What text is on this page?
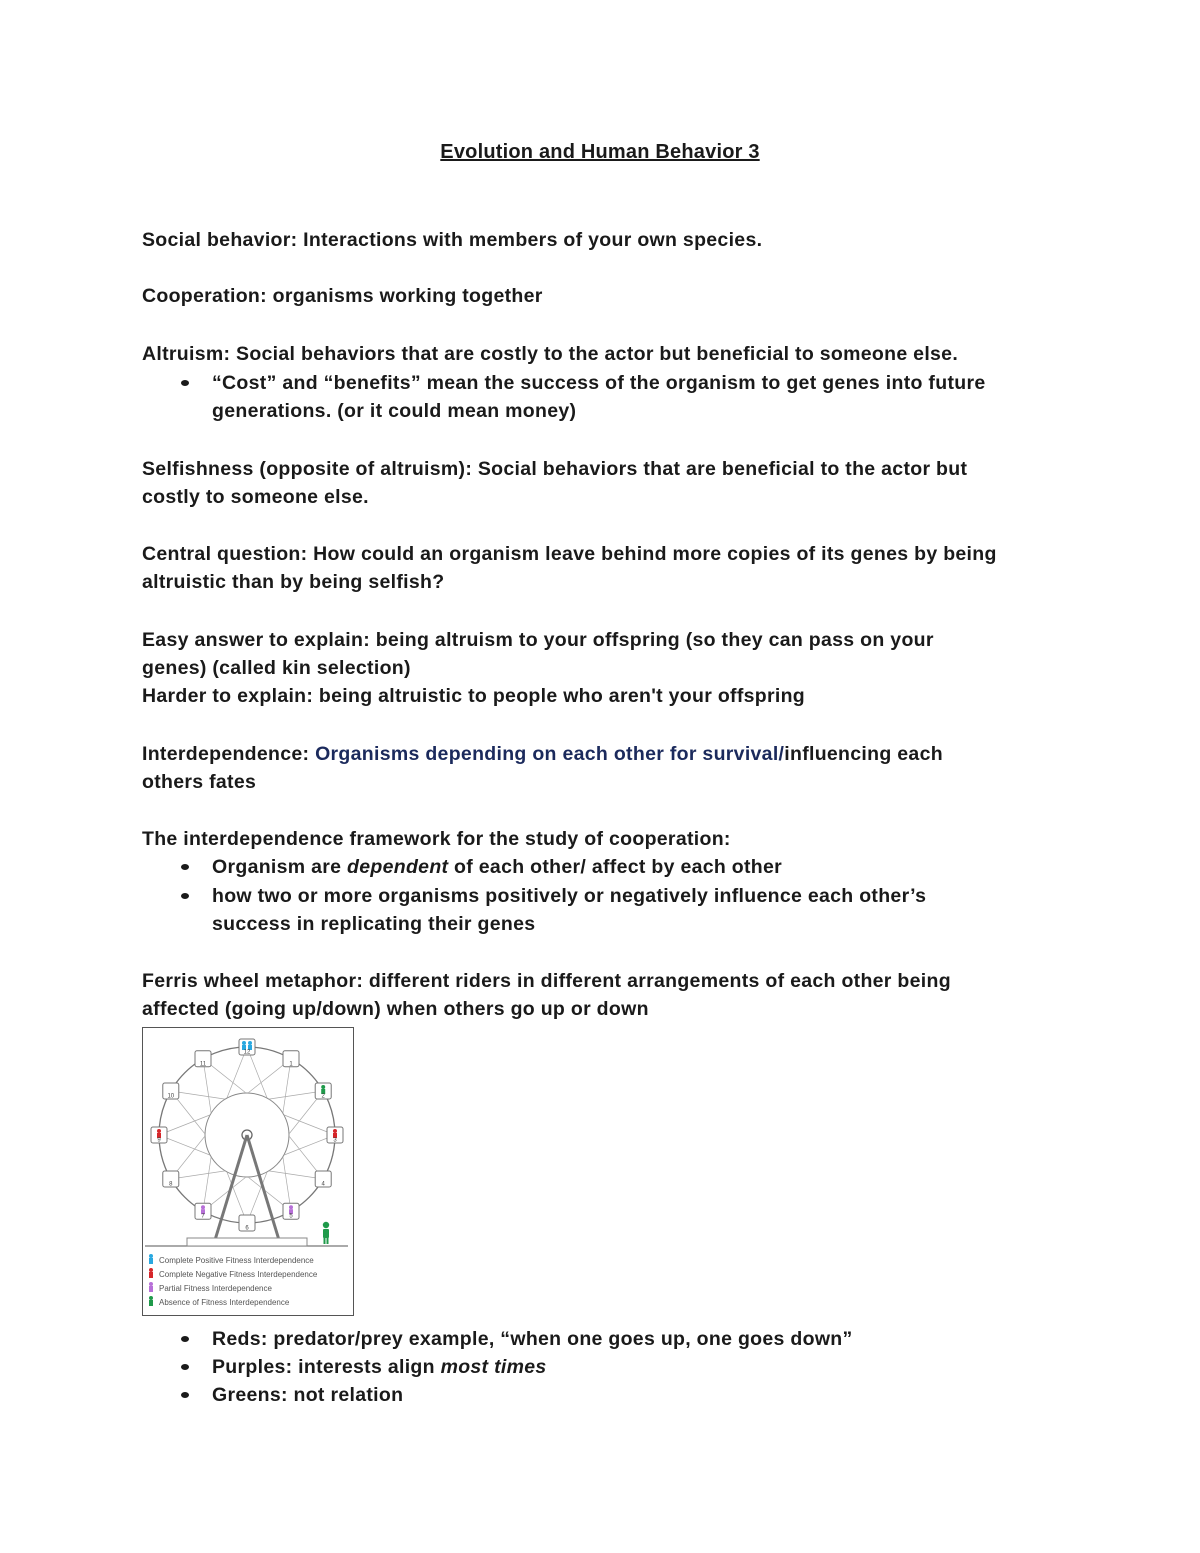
Evolution and Human Behavior 3
Social behavior: Interactions with members of your own species.
Cooperation: organisms working together
Altruism: Social behaviors that are costly to the actor but beneficial to someone else.
“Cost” and “benefits” mean the success of the organism to get genes into future
generations. (or it could mean money)
Selfishness (opposite of altruism): Social behaviors that are beneficial to the actor but
costly to someone else.
Central question: How could an organism leave behind more copies of its genes by being
altruistic than by being selfish?
Easy answer to explain: being altruism to your offspring (so they can pass on your
genes) (called kin selection)
Harder to explain: being altruistic to people who aren't your offspring
Interdependence: Organisms depending on each other for survival/influencing each
others fates
The interdependence framework for the study of cooperation:
Organism are dependent of each other/ affect by each other
how two or more organisms positively or negatively influence each other’s
success in replicating their genes
Ferris wheel metaphor: different riders in different arrangements of each other being
affected (going up/down) when others go up or down
12
1
2
3
4
5
6
7
8
9
10
11
Complete Positive Fitness Interdependence
Complete Negative Fitness Interdependence
Partial Fitness Interdependence
Absence of Fitness Interdependence
Reds: predator/prey example, “when one goes up, one goes down”
Purples: interests align most times
Greens: not relation
